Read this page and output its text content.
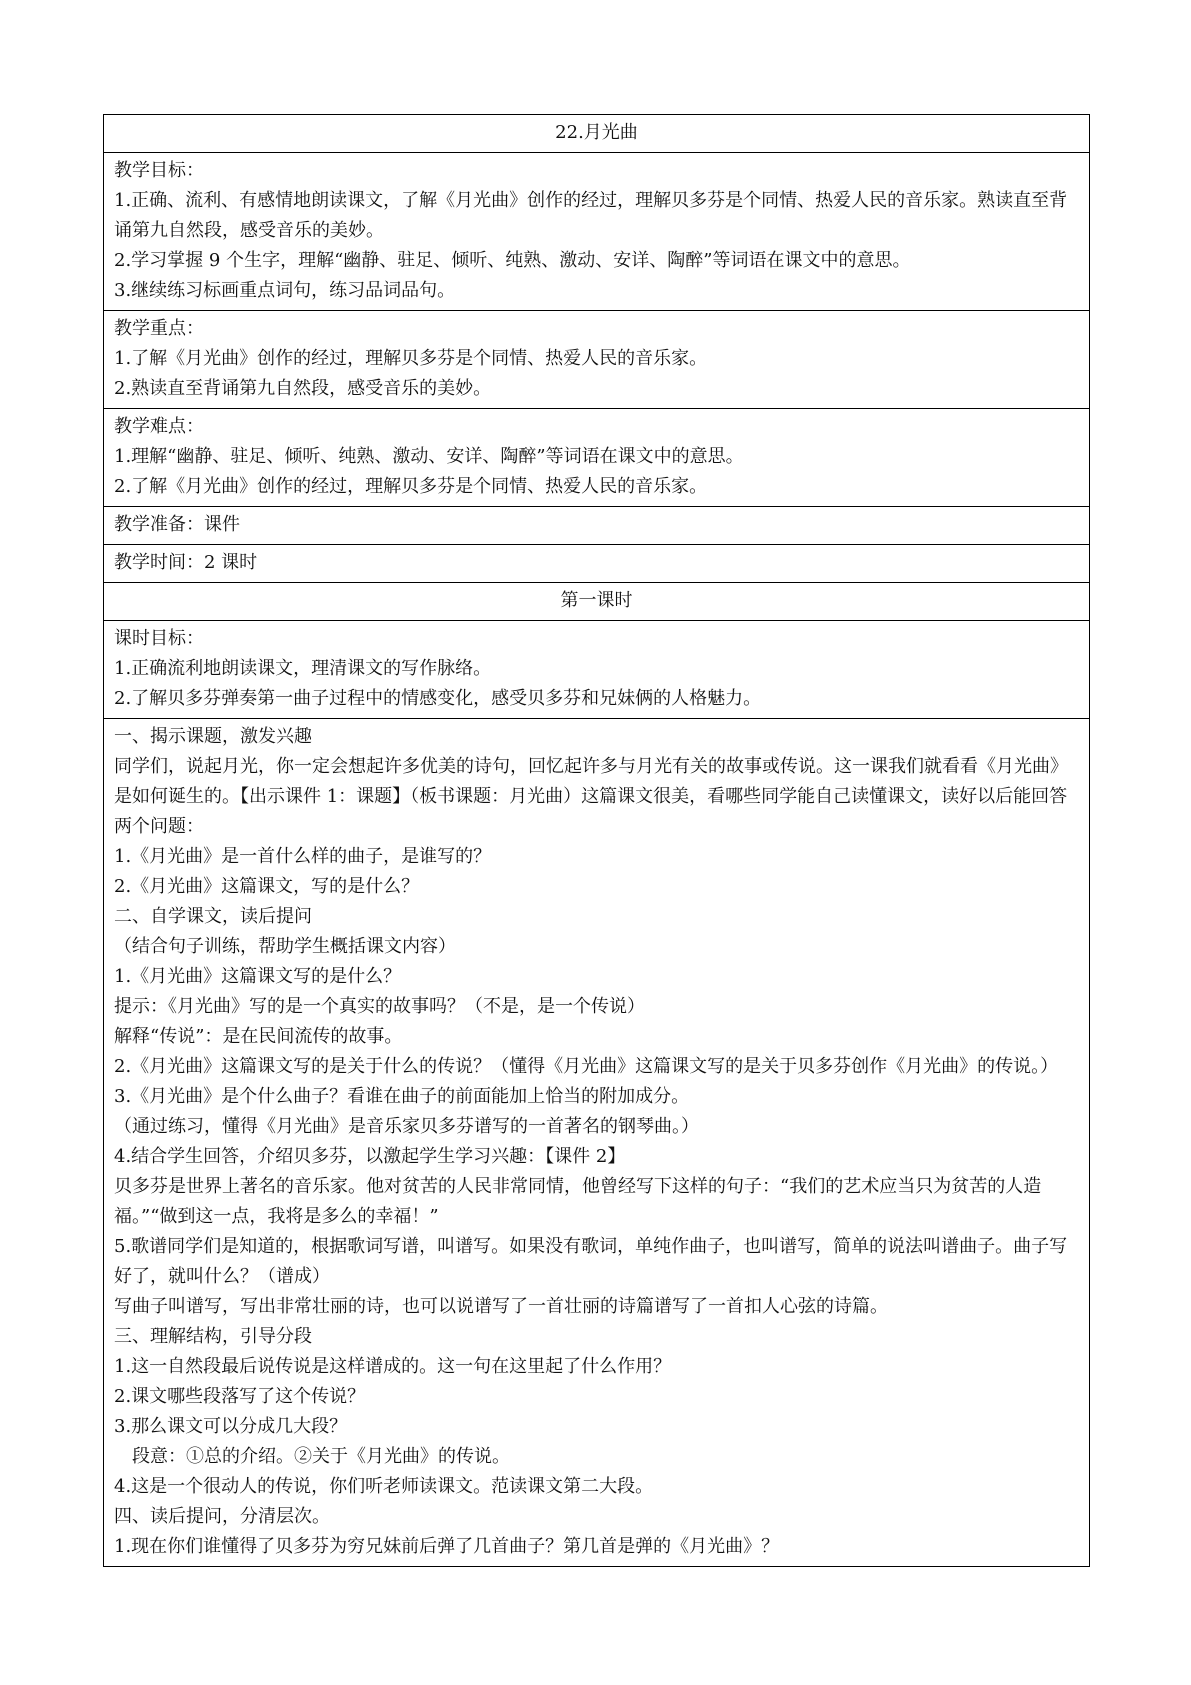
22.月光曲

教学目标：
1.正确、流利、有感情地朗读课文，了解《月光曲》创作的经过，理解贝多芬是个同情、热爱人民的音乐家。熟读直至背诵第九自然段，感受音乐的美妙。
2.学习掌握 9 个生字，理解“幽静、驻足、倾听、纯熟、激动、安详、陶醉”等词语在课文中的意思。
3.继续练习标画重点词句，练习品词品句。

教学重点：
1.了解《月光曲》创作的经过，理解贝多芬是个同情、热爱人民的音乐家。
2.熟读直至背诵第九自然段，感受音乐的美妙。

教学难点：
1.理解“幽静、驻足、倾听、纯熟、激动、安详、陶醉”等词语在课文中的意思。
2.了解《月光曲》创作的经过，理解贝多芬是个同情、热爱人民的音乐家。

教学准备：课件
教学时间：2 课时
第一课时

课时目标：
1.正确流利地朗读课文，理清课文的写作脉络。
2.了解贝多芬弹奏第一曲子过程中的情感变化，感受贝多芬和兄妹俩的人格魅力。

一、揭示课题，激发兴趣
同学们，说起月光，你一定会想起许多优美的诗句，回忆起许多与月光有关的故事或传说。这一课我们就看看《月光曲》是如何诞生的。【出示课件 1：课题】（板书课题：月光曲）这篇课文很美，看哪些同学能自己读懂课文，读好以后能回答两个问题：
1.《月光曲》是一首什么样的曲子，是谁写的？
2.《月光曲》这篇课文，写的是什么？
二、自学课文，读后提问
（结合句子训练，帮助学生概括课文内容）
1.《月光曲》这篇课文写的是什么？
提示：《月光曲》写的是一个真实的故事吗？（不是，是一个传说）
解释“传说”：是在民间流传的故事。
2.《月光曲》这篇课文写的是关于什么的传说？（懂得《月光曲》这篇课文写的是关于贝多芬创作《月光曲》的传说。）
3.《月光曲》是个什么曲子？看谁在曲子的前面能加上恰当的附加成分。
（通过练习，懂得《月光曲》是音乐家贝多芬谱写的一首著名的钢琴曲。）
4.结合学生回答，介绍贝多芬，以激起学生学习兴趣：【课件 2】
贝多芬是世界上著名的音乐家。他对贫苦的人民非常同情，他曾经写下这样的句子：“我们的艺术应当只为贫苦的人造福。”“做到这一点，我将是多么的幸福！”
5.歌谱同学们是知道的，根据歌词写谱，叫谱写。如果没有歌词，单纯作曲子，也叫谱写，简单的说法叫谱曲子。曲子写好了，就叫什么？（谱成）
写曲子叫谱写，写出非常壮丽的诗，也可以说谱写了一首壮丽的诗篇谱写了一首扣人心弦的诗篇。
三、理解结构，引导分段
1.这一自然段最后说传说是这样谱成的。这一句在这里起了什么作用？
2.课文哪些段落写了这个传说？
3.那么课文可以分成几大段？
段意：①总的介绍。②关于《月光曲》的传说。
4.这是一个很动人的传说，你们听老师读课文。范读课文第二大段。
四、读后提问，分清层次。
1.现在你们谁懂得了贝多芬为穷兄妹前后弹了几首曲子？第几首是弹的《月光曲》？
